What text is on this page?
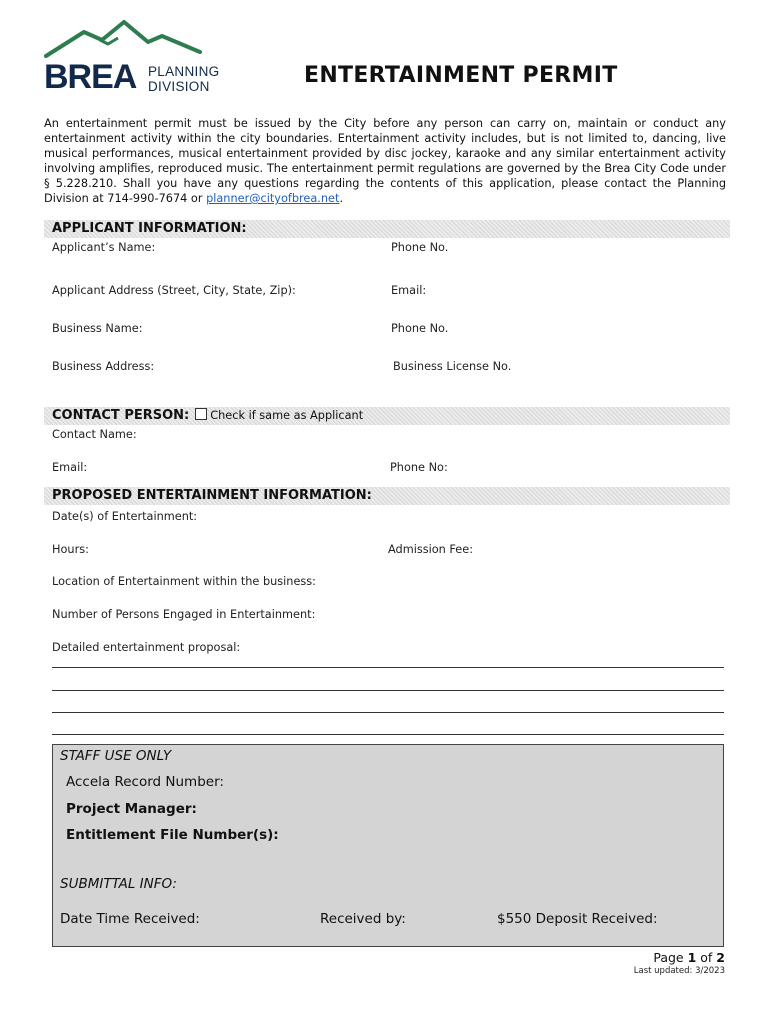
BREA PLANNING
DIVISION	ENTERTAINMENT PERMIT
An entertainment permit must be issued by the City before any person can carry on, maintain or conduct any entertainment activity within the city boundaries. Entertainment activity includes, but is not limited to, dancing, live musical performances, musical entertainment provided by disc jockey, karaoke and any similar entertainment activity involving amplifies, reproduced music. The entertainment permit regulations are governed by the Brea City Code under § 5.228.210. Shall you have any questions regarding the contents of this application, please contact the Planning Division at 714-990-7674 or planner@cityofbrea.net.
APPLICANT INFORMATION:
Applicant’s Name:	Phone No.
Applicant Address (Street, City, State, Zip):	Email:
Business Name:	Phone No.
Business Address:	Business License No.
CONTACT PERSON: Check if same as Applicant
Contact Name:
Email:	Phone No:
PROPOSED ENTERTAINMENT INFORMATION:
Date(s) of Entertainment:
Hours:	Admission Fee:
Location of Entertainment within the business:
Number of Persons Engaged in Entertainment:
Detailed entertainment proposal:
STAFF USE ONLY
Accela Record Number:
Project Manager:
Entitlement File Number(s):
SUBMITTAL INFO:
Date Time Received:	Received by:	$550 Deposit Received:
Page 1 of 2
Last updated: 3/2023
